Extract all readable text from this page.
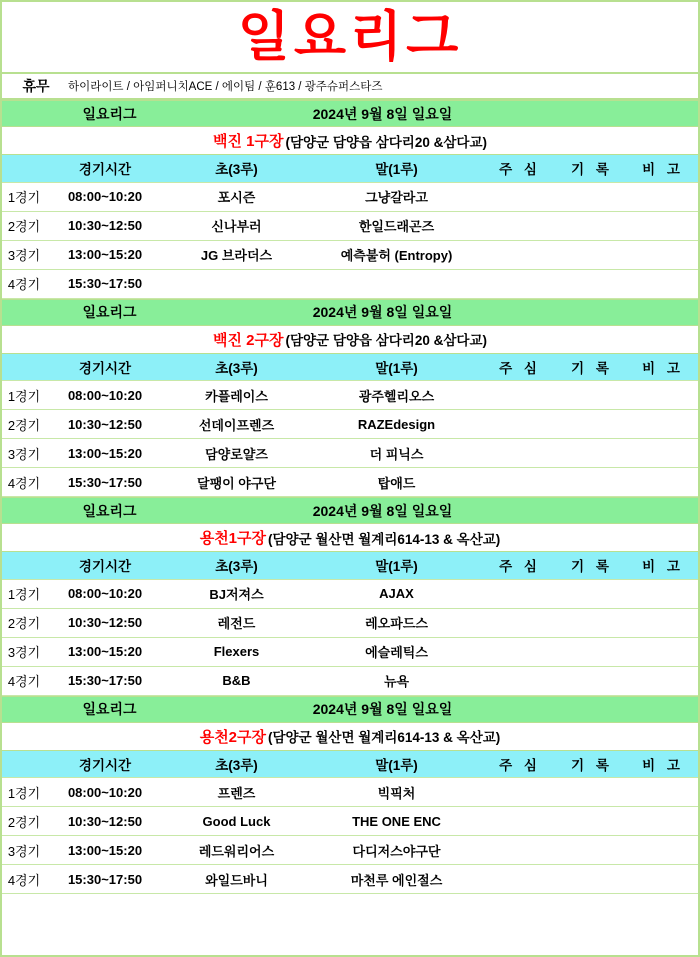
일요리그
휴무	하이라이트 / 아임퍼니치ACE / 에이팀 / 훈613 / 광주슈퍼스타즈
일요리그	2024년 9월 8일 일요일
백진 1구장 (담양군 담양읍 삼다리20 &삼다교)
	경기시간	초(3루)	말(1루)	주 심	기 록	비 고
1경기	08:00~10:20	포시즌	그냥갈라고			
2경기	10:30~12:50	신나부러	한일드래곤즈			
3경기	13:00~15:20	JG 브라더스	예측불허 (Entropy)			
4경기	15:30~17:50					
일요리그	2024년 9월 8일 일요일
백진 2구장 (담양군 담양읍 삼다리20 &삼다교)
	경기시간	초(3루)	말(1루)	주 심	기 록	비 고
1경기	08:00~10:20	카플레이스	광주헬리오스			
2경기	10:30~12:50	선데이프렌즈	RAZEdesign			
3경기	13:00~15:20	담양로얄즈	더 피닉스			
4경기	15:30~17:50	달팽이 야구단	탑애드			
일요리그	2024년 9월 8일 일요일
용천1구장 (담양군 월산면 월계리614-13 & 옥산교)
	경기시간	초(3루)	말(1루)	주 심	기 록	비 고
1경기	08:00~10:20	BJ저져스	AJAX			
2경기	10:30~12:50	레전드	레오파드스			
3경기	13:00~15:20	Flexers	에슬레틱스			
4경기	15:30~17:50	B&B	뉴욕			
일요리그	2024년 9월 8일 일요일
용천2구장 (담양군 월산면 월계리614-13 & 옥산교)
	경기시간	초(3루)	말(1루)	주 심	기 록	비 고
1경기	08:00~10:20	프렌즈	빅픽처			
2경기	10:30~12:50	Good Luck	THE ONE ENC			
3경기	13:00~15:20	레드워리어스	다디저스야구단			
4경기	15:30~17:50	와일드바니	마천루 에인절스			
